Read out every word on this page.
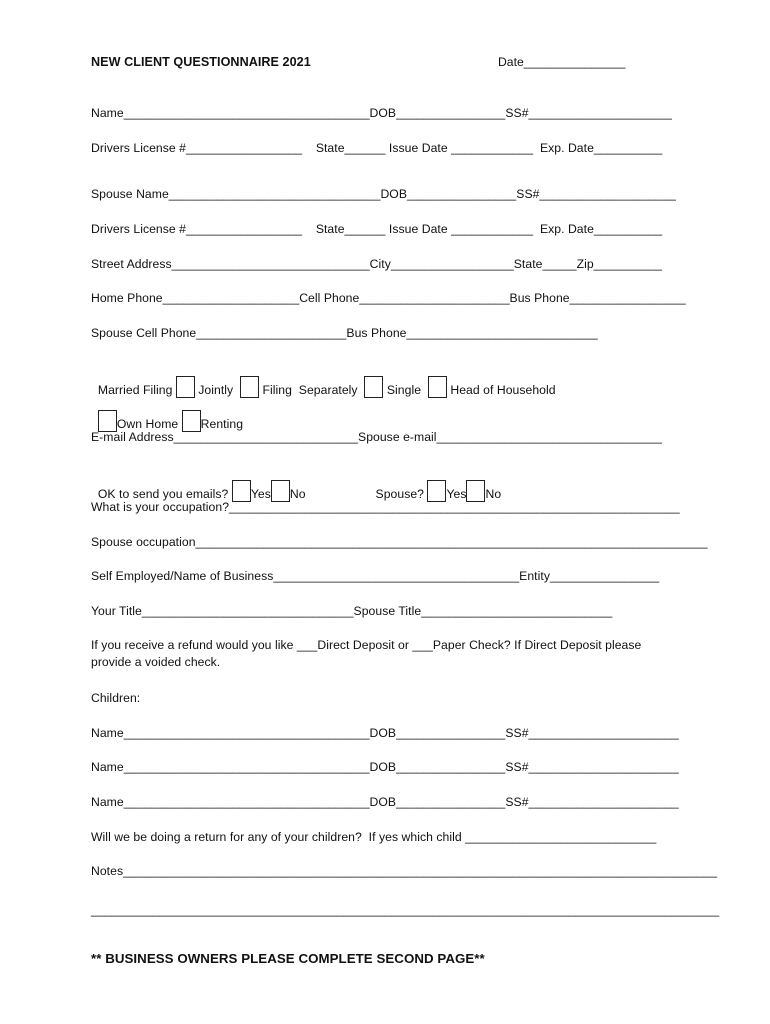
NEW CLIENT QUESTIONNAIRE 2021	Date_______________
Name____________________________________DOB________________SS#_____________________
Drivers License #_________________    State______ Issue Date ____________  Exp. Date__________
Spouse Name_______________________________DOB________________SS#____________________
Drivers License #_________________    State______ Issue Date ____________  Exp. Date__________
Street Address_____________________________City__________________State_____Zip__________
Home Phone____________________Cell Phone______________________Bus Phone_________________
Spouse Cell Phone______________________Bus Phone____________________________

Married Filing  Jointly   Filing  Separately   Single   Head of Household

Own Home Renting

E-mail Address___________________________Spouse e-mail_________________________________

OK to send you emails? Yes No	Spouse? Yes No

What is your occupation?__________________________________________________________________
Spouse occupation___________________________________________________________________________
Self Employed/Name of Business____________________________________Entity________________
Your Title_______________________________Spouse Title____________________________
If you receive a refund would you like ___Direct Deposit or ___Paper Check? If Direct Deposit please provide a voided check.
Children:
Name____________________________________DOB________________SS#______________________
Name____________________________________DOB________________SS#______________________
Name____________________________________DOB________________SS#______________________
Will we be doing a return for any of your children?  If yes which child ____________________________
Notes_______________________________________________________________________________________
____________________________________________________________________________________________
** BUSINESS OWNERS PLEASE COMPLETE SECOND PAGE**
